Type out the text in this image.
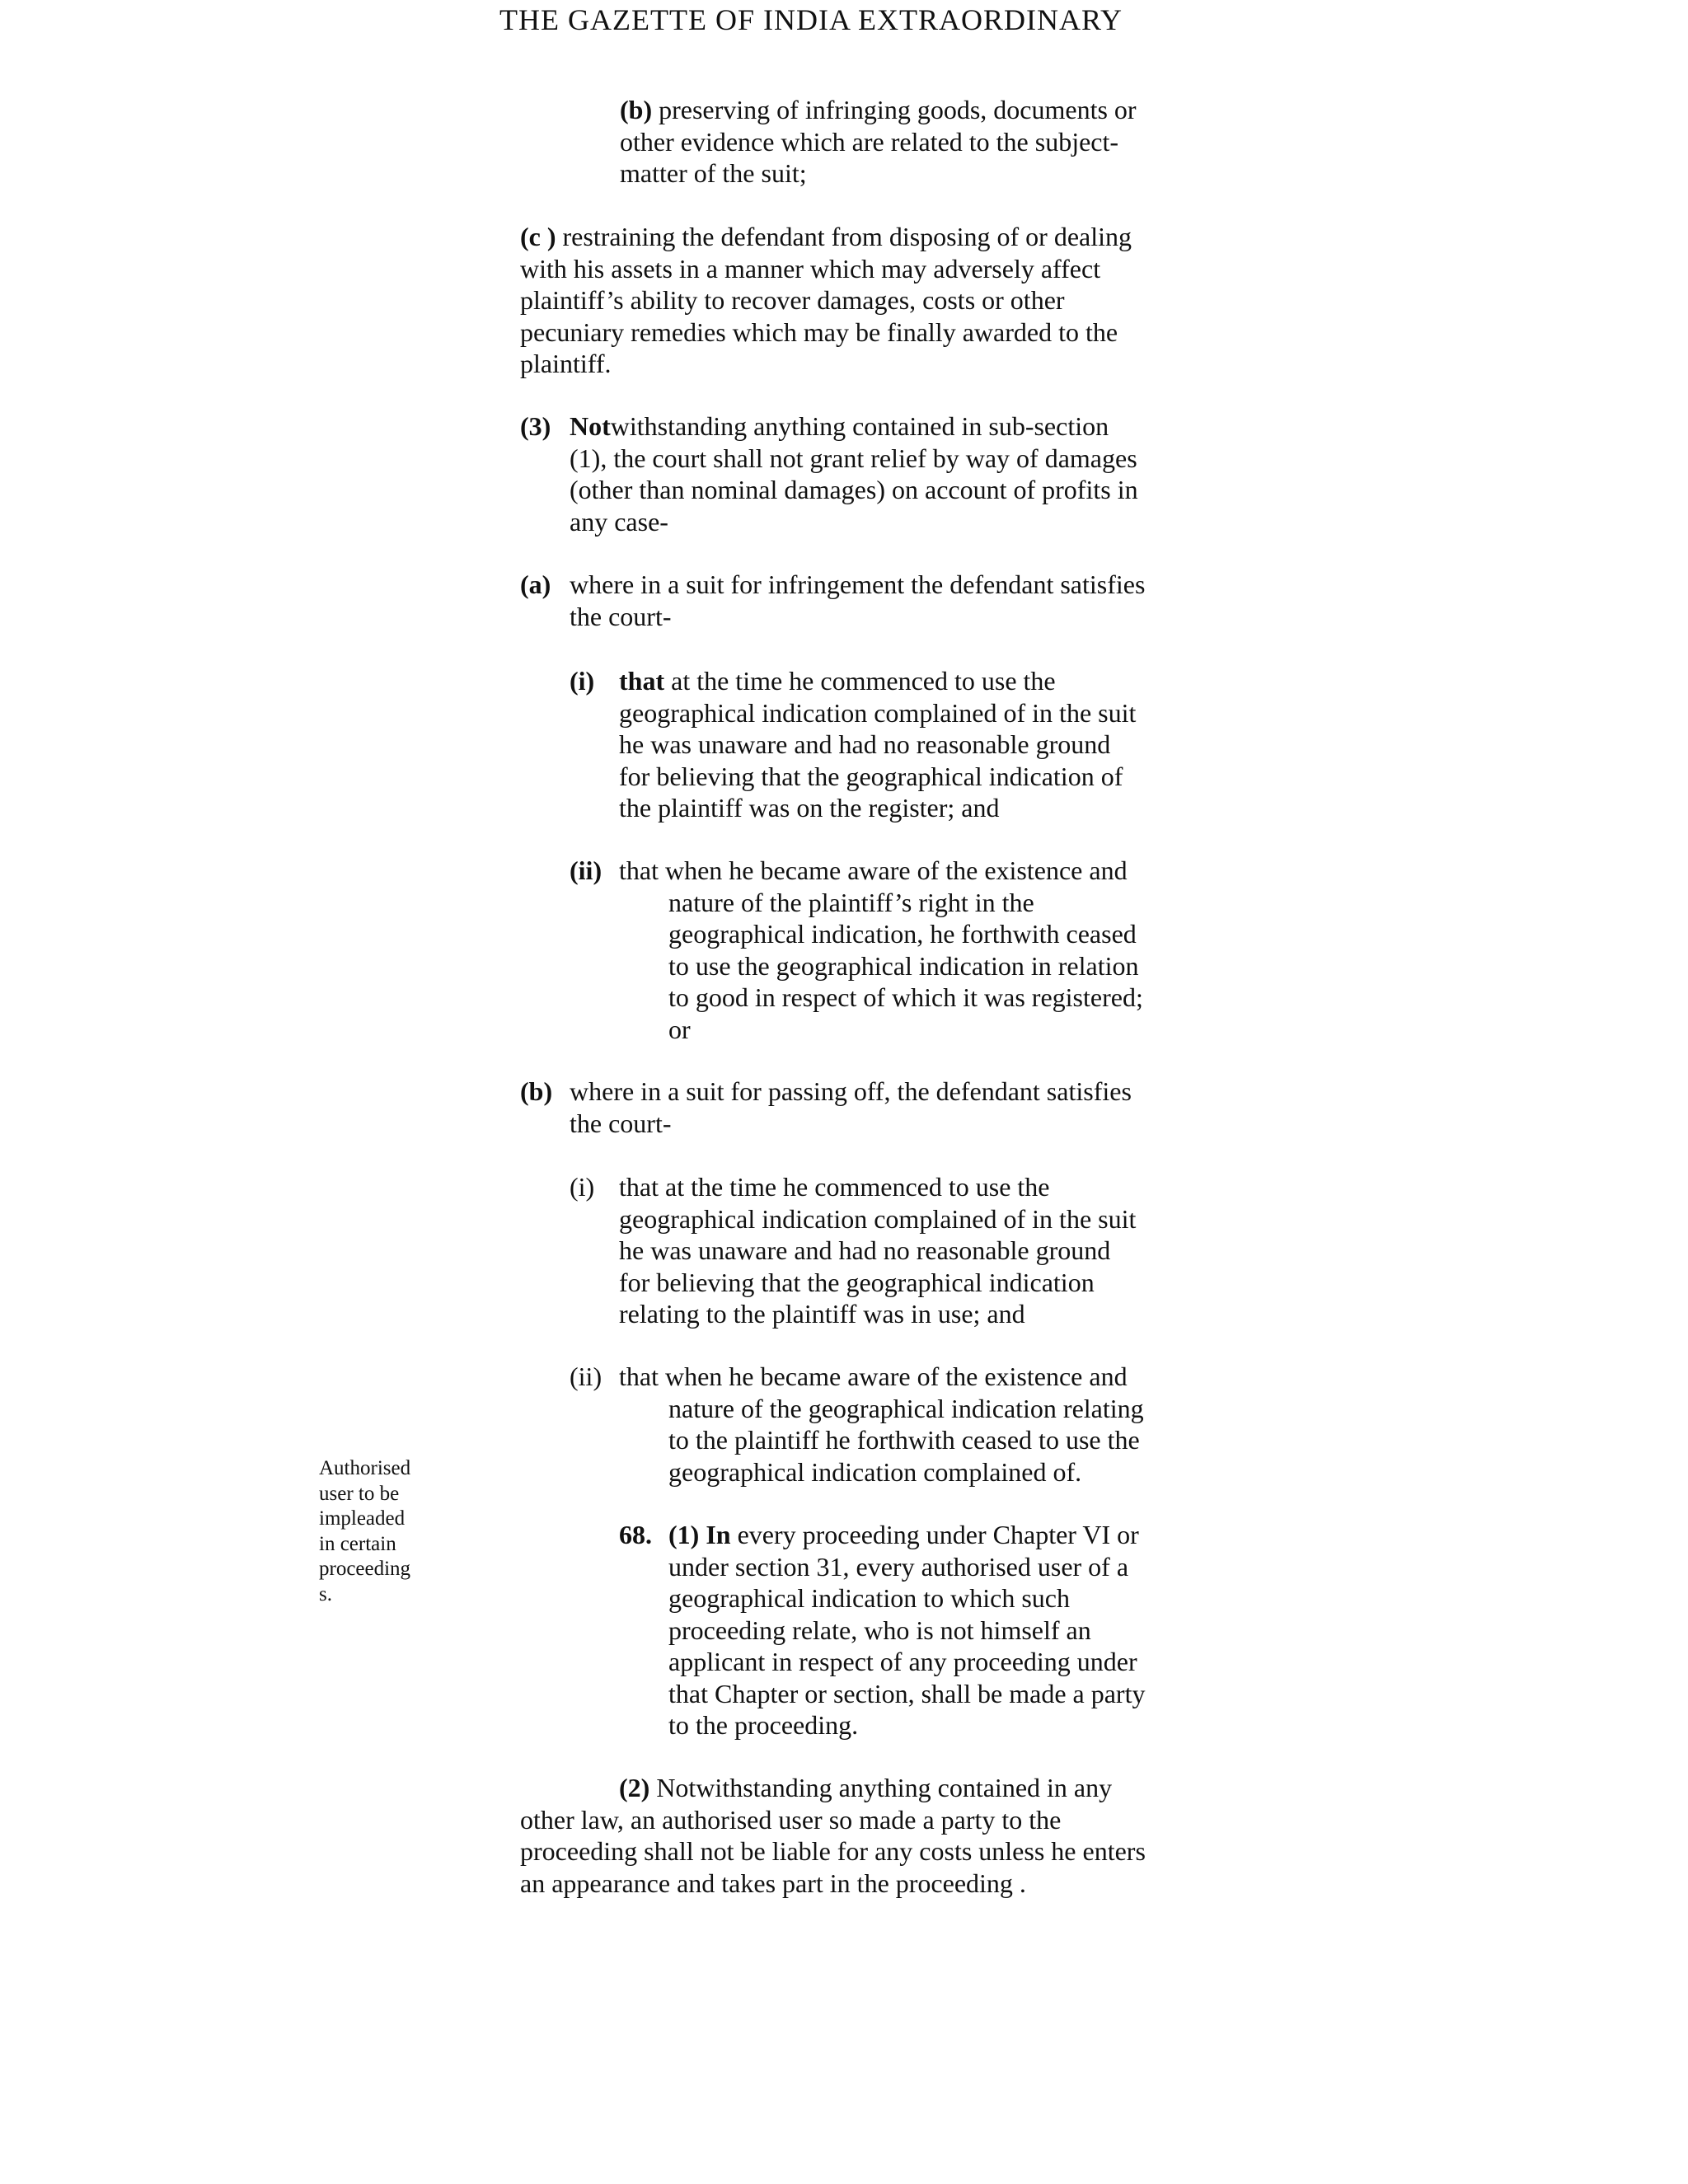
THE GAZETTE OF INDIA EXTRAORDINARY
(b) preserving of infringing goods, documents or
other evidence which are related to the subject-
matter of the suit;
(c ) restraining the defendant from disposing of or dealing
with his assets in a manner which may adversely affect
plaintiff’s ability to recover damages, costs or other
pecuniary remedies which may be finally awarded to the
plaintiff.
(3) Notwithstanding anything contained in sub-section
(1), the court shall not grant relief by way of damages
(other than nominal damages) on account of profits in
any case-
(a) where in a suit for infringement the defendant satisfies
the court-
(i) that at the time he commenced to use the
geographical indication complained of in the suit
he was unaware and had no reasonable ground
for believing that the geographical indication of
the plaintiff was on the register; and
(ii) that when he became aware of the existence and
nature of the plaintiff’s right in the
geographical indication, he forthwith ceased
to use the geographical indication in relation
to good in respect of which it was registered;
or
(b) where in a suit for passing off, the defendant satisfies
the court-
(i) that at the time he commenced to use the
geographical indication complained of in the suit
he was unaware and had no reasonable ground
for believing that the geographical indication
relating to the plaintiff was in use; and
(ii) that when he became aware of the existence and
nature of the geographical indication relating
to the plaintiff he forthwith ceased to use the
geographical indication complained of.
Authorised
user to be
impleaded
in certain
proceeding
s.
68. (1) In every proceeding under Chapter VI or
under section 31, every authorised user of a
geographical indication to which such
proceeding relate, who is not himself an
applicant in respect of any proceeding under
that Chapter or section, shall be made a party
to the proceeding.
(2) Notwithstanding anything contained in any
other law, an authorised user so made a party to the
proceeding shall not be liable for any costs unless he enters
an appearance and takes part in the proceeding .
